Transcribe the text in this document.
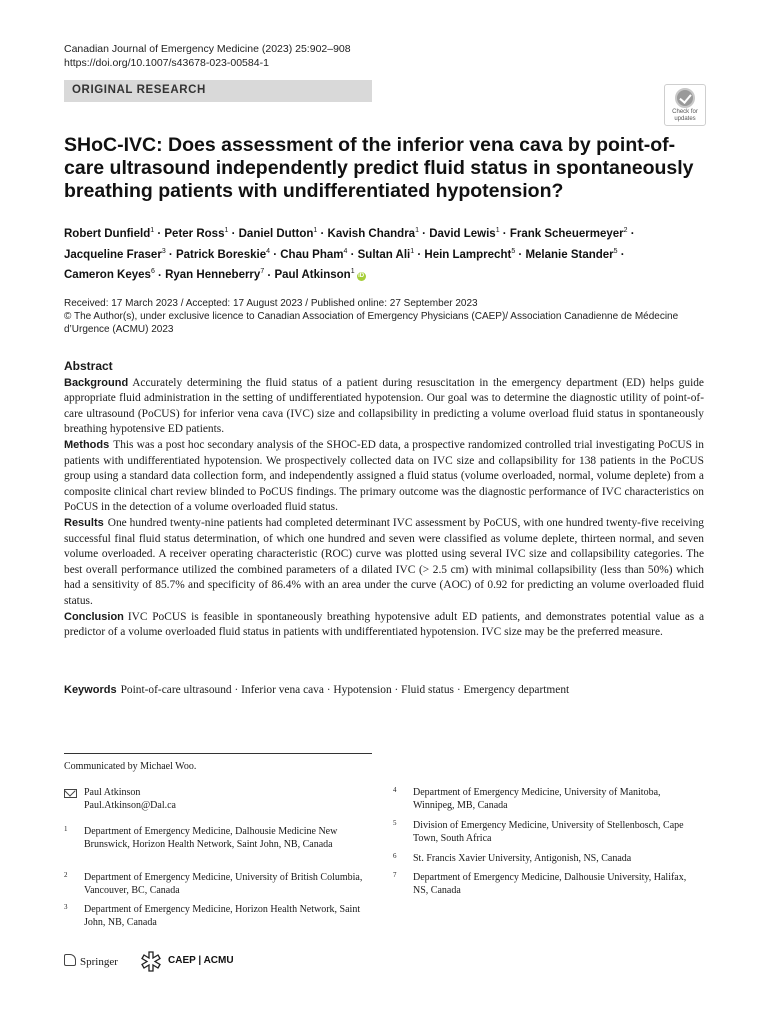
Canadian Journal of Emergency Medicine (2023) 25:902–908
https://doi.org/10.1007/s43678-023-00584-1
ORIGINAL RESEARCH
Check for
updates
SHoC-IVC: Does assessment of the inferior vena cava by point-of-care ultrasound independently predict fluid status in spontaneously breathing patients with undifferentiated hypotension?
Robert Dunfield$^1$ · Peter Ross$^1$ · Daniel Dutton$^1$ · Kavish Chandra$^1$ · David Lewis$^1$ · Frank Scheuermeyer$^2$ ·
Jacqueline Fraser$^3$ · Patrick Boreskie$^4$ · Chau Pham$^4$ · Sultan Ali$^1$ · Hein Lamprecht$^5$ · Melanie Stander$^5$ ·
Cameron Keyes$^6$ · Ryan Henneberry$^7$ · Paul Atkinson$^1$iD
Received: 17 March 2023 / Accepted: 17 August 2023 / Published online: 27 September 2023
© The Author(s), under exclusive licence to Canadian Association of Emergency Physicians (CAEP)/ Association Canadienne de Médecine d’Urgence (ACMU) 2023
Abstract

Background Accurately determining the fluid status of a patient during resuscitation in the emergency department (ED) helps guide appropriate fluid administration in the setting of undifferentiated hypotension. Our goal was to determine the diagnostic utility of point-of-care ultrasound (PoCUS) for inferior vena cava (IVC) size and collapsibility in predicting a volume overload fluid status in spontaneously breathing hypotensive ED patients.

Methods This was a post hoc secondary analysis of the SHOC-ED data, a prospective randomized controlled trial investigating PoCUS in patients with undifferentiated hypotension. We prospectively collected data on IVC size and collapsibility for 138 patients in the PoCUS group using a standard data collection form, and independently assigned a fluid status (volume overloaded, normal, volume deplete) from a composite clinical chart review blinded to PoCUS findings. The primary outcome was the diagnostic performance of IVC characteristics on PoCUS in the detection of a volume overloaded fluid status.

Results One hundred twenty-nine patients had completed determinant IVC assessment by PoCUS, with one hundred twenty-five receiving successful final fluid status determination, of which one hundred and seven were classified as volume deplete, thirteen normal, and seven volume overloaded. A receiver operating characteristic (ROC) curve was plotted using several IVC size and collapsibility categories. The best overall performance utilized the combined parameters of a dilated IVC (> 2.5 cm) with minimal collapsibility (less than 50%) which had a sensitivity of 85.7% and specificity of 86.4% with an area under the curve (AOC) of 0.92 for predicting an volume overloaded fluid status.

Conclusion IVC PoCUS is feasible in spontaneously breathing hypotensive adult ED patients, and demonstrates potential value as a predictor of a volume overloaded fluid status in patients with undifferentiated hypotension. IVC size may be the preferred measure.

Keywords Point-of-care ultrasound · Inferior vena cava · Hypotension · Fluid status · Emergency department
Communicated by Michael Woo.
Paul Atkinson
Paul.Atkinson@Dal.ca
1 Department of Emergency Medicine, Dalhousie Medicine New Brunswick, Horizon Health Network, Saint John, NB, Canada
2 Department of Emergency Medicine, University of British Columbia, Vancouver, BC, Canada
3 Department of Emergency Medicine, Horizon Health Network, Saint John, NB, Canada
4 Department of Emergency Medicine, University of Manitoba, Winnipeg, MB, Canada
5 Division of Emergency Medicine, University of Stellenbosch, Cape Town, South Africa
6 St. Francis Xavier University, Antigonish, NS, Canada
7 Department of Emergency Medicine, Dalhousie University, Halifax, NS, Canada
Springer	CAEP | ACMU
